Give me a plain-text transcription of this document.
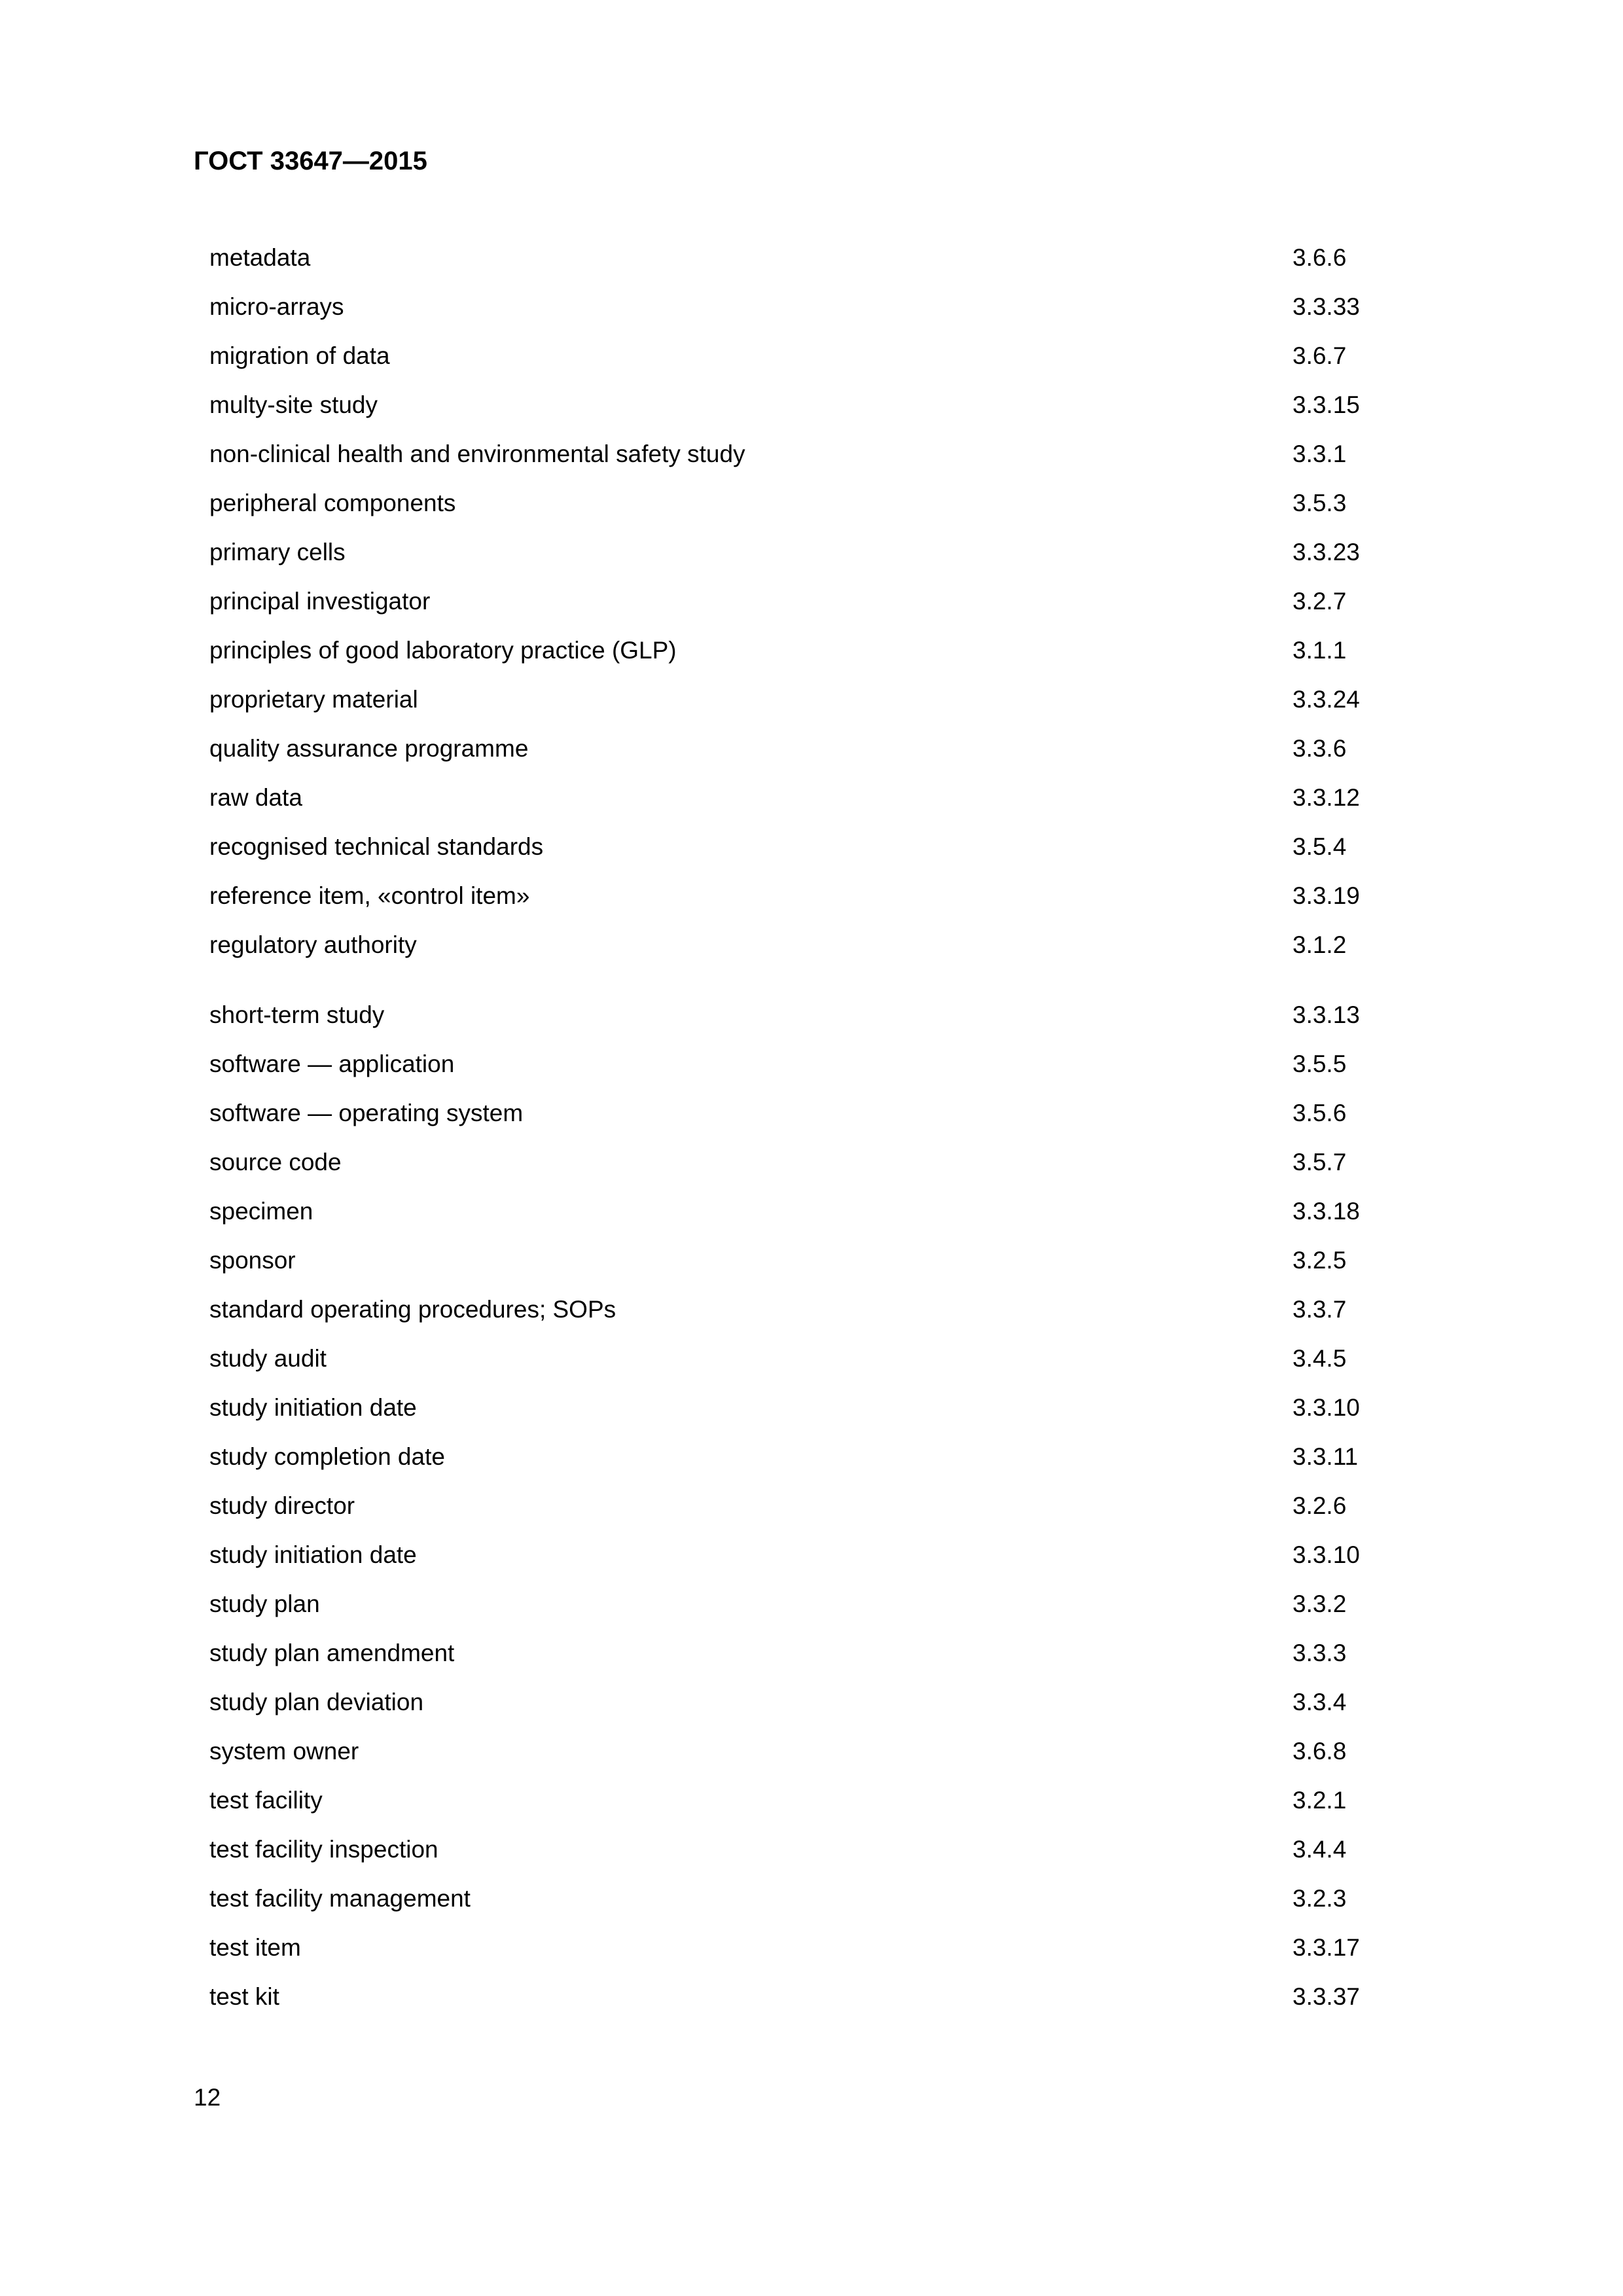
ГОСТ 33647—2015
metadata	3.6.6
micro-arrays	3.3.33
migration of data	3.6.7
multy-site study	3.3.15
non-clinical health and environmental safety study	3.3.1
peripheral components	3.5.3
primary cells	3.3.23
principal investigator	3.2.7
principles of good laboratory practice (GLP)	3.1.1
proprietary material	3.3.24
quality assurance programme	3.3.6
raw data	3.3.12
recognised technical standards	3.5.4
reference item, «control item»	3.3.19
regulatory authority	3.1.2
short-term study	3.3.13
software — application	3.5.5
software — operating system	3.5.6
source code	3.5.7
specimen	3.3.18
sponsor	3.2.5
standard operating procedures; SOPs	3.3.7
study audit	3.4.5
study initiation date	3.3.10
study completion date	3.3.11
study director	3.2.6
study initiation date	3.3.10
study plan	3.3.2
study plan amendment	3.3.3
study plan deviation	3.3.4
system owner	3.6.8
test facility	3.2.1
test facility inspection	3.4.4
test facility management	3.2.3
test item	3.3.17
test kit	3.3.37
12
